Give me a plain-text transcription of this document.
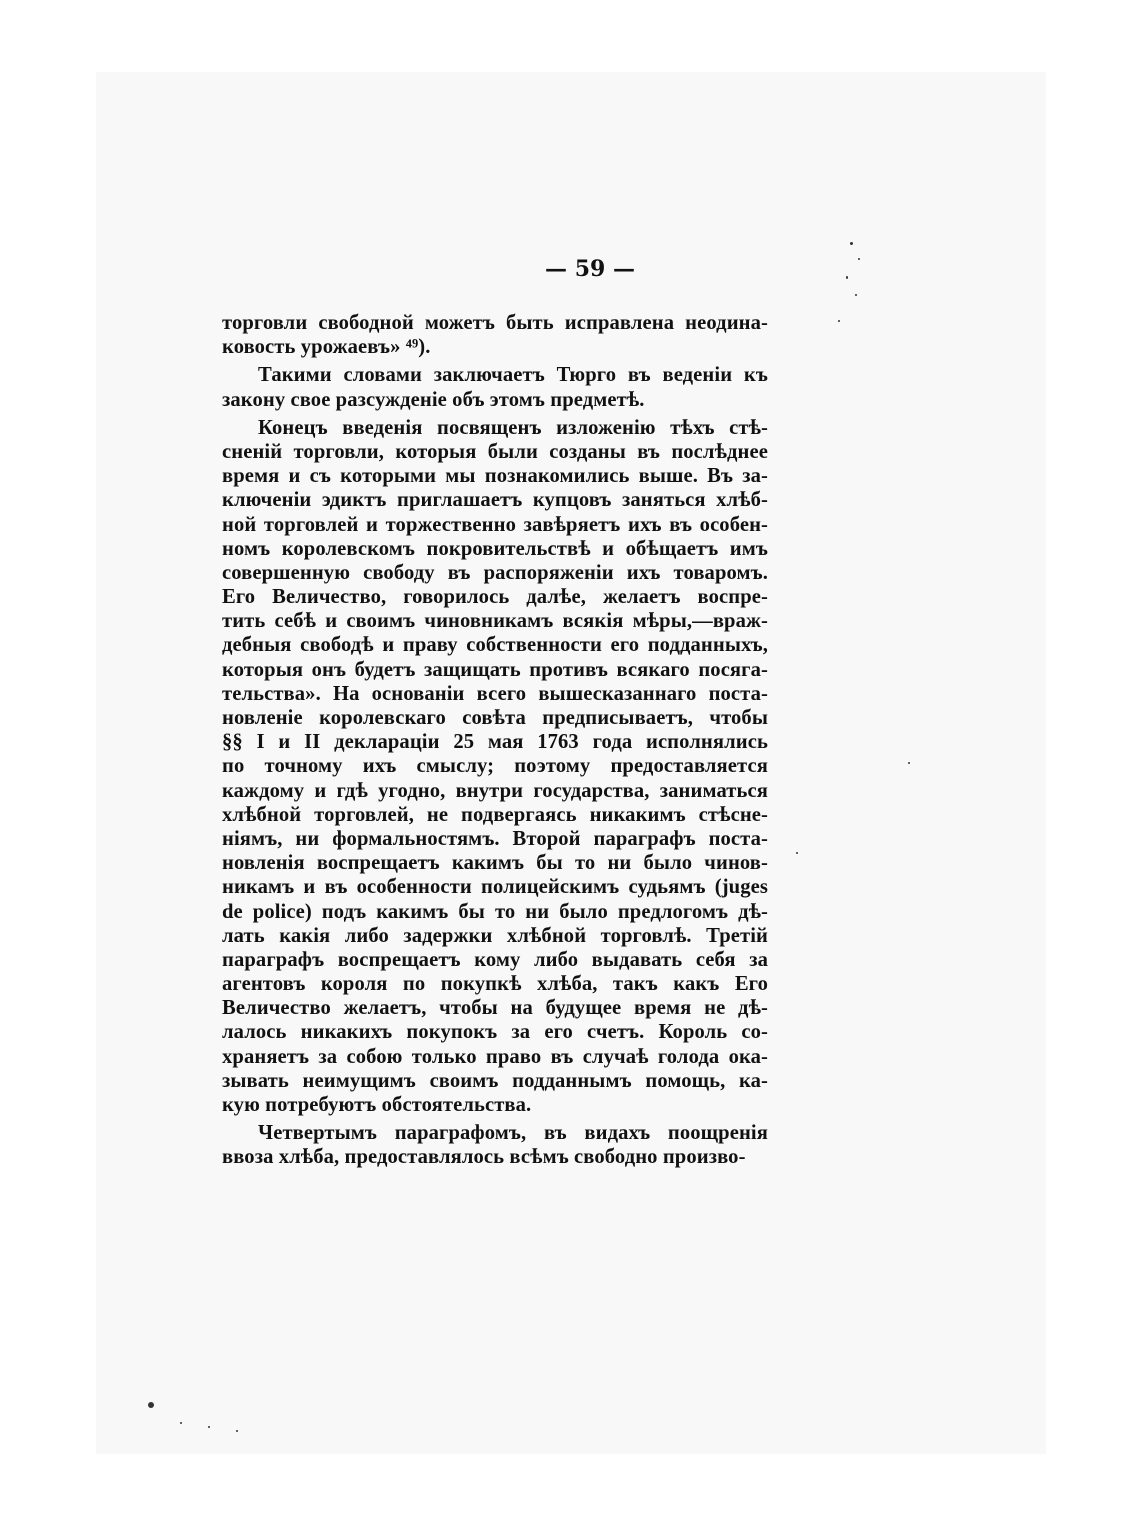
— 59 —
торговли свободной можетъ быть исправлена неодина-
ковость урожаевъ» ⁴⁹).
Такими словами заключаетъ Тюрго въ веденіи къ
закону свое разсужденіе объ этомъ предметѣ.
Конецъ введенія посвященъ изложенію тѣхъ стѣ-
сненій торговли, которыя были созданы въ послѣднее
время и съ которыми мы познакомились выше. Въ за-
ключеніи эдиктъ приглашаетъ купцовъ заняться хлѣб-
ной торговлей и торжественно завѣряетъ ихъ въ особен-
номъ королевскомъ покровительствѣ и обѣщаетъ имъ
совершенную свободу въ распоряженіи ихъ товаромъ.
Его Величество, говорилось далѣе, желаетъ воспре-
тить себѣ и своимъ чиновникамъ всякія мѣры,—враж-
дебныя свободѣ и праву собственности его подданныхъ,
которыя онъ будетъ защищать противъ всякаго посяга-
тельства». На основаніи всего вышесказаннаго поста-
новленіе королевскаго совѣта предписываетъ, чтобы
§§ I и II деклараціи 25 мая 1763 года исполнялись
по точному ихъ смыслу; поэтому предоставляется
каждому и гдѣ угодно, внутри государства, заниматься
хлѣбной торговлей, не подвергаясь никакимъ стѣсне-
ніямъ, ни формальностямъ. Второй параграфъ поста-
новленія воспрещаетъ какимъ бы то ни было чинов-
никамъ и въ особенности полицейскимъ судьямъ (juges
de police) подъ какимъ бы то ни было предлогомъ дѣ-
лать какія либо задержки хлѣбной торговлѣ. Третій
параграфъ воспрещаетъ кому либо выдавать себя за
агентовъ короля по покупкѣ хлѣба, такъ какъ Его
Величество желаетъ, чтобы на будущее время не дѣ-
лалось никакихъ покупокъ за его счетъ. Король со-
храняетъ за собою только право въ случаѣ голода ока-
зывать неимущимъ своимъ подданнымъ помощь, ка-
кую потребуютъ обстоятельства.
Четвертымъ параграфомъ, въ видахъ поощренія
ввоза хлѣба, предоставлялось всѣмъ свободно произво-
